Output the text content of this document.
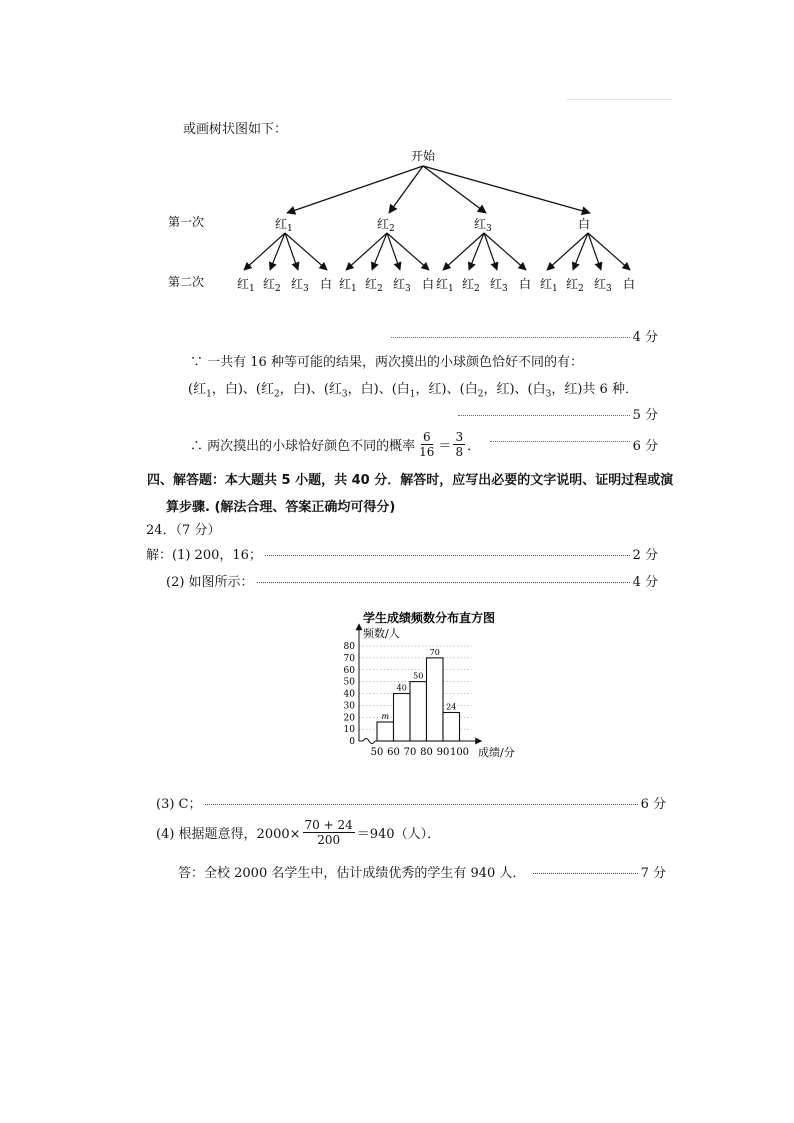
或画树状图如下：
开始
第一次
第二次
红$_1$
红$_1$ 红$_2$ 红$_3$ 白
红$_2$
红$_1$ 红$_2$ 红$_3$ 白
红$_3$
红$_1$ 红$_2$ 红$_3$ 白
白
红$_1$ 红$_2$ 红$_3$ 白
4 分
∵ 一共有 16 种等可能的结果，两次摸出的小球颜色恰好不同的有：
(红$_1$，白)、(红$_2$，白)、(红$_3$，白)、(白$_1$，红)、(白$_2$，红)、(白$_3$，红)共 6 种．
5 分
∴ 两次摸出的小球恰好颜色不同的概率 $\frac{6}{16} = \frac{3}{8}$ ．	6 分
四、解答题：本大题共 5 小题，共 40 分．解答时，应写出必要的文字说明、证明过程或演
算步骤. (解法合理、答案正确均可得分)
24．（7 分）
解：(1) 200，16；	2 分
(2) 如图所示：	4 分
学生成绩频数分布直方图
频数/人
成绩/分
m
40
50
70
24
0
10
20
30
40
50
60
70
80
50 60 70 80 90 100
(3) C；	6 分
(4) 根据题意得，$2000\times \frac{70 + 24}{200} =940$（人）．
答：全校 2000 名学生中，估计成绩优秀的学生有 940 人．	7 分
